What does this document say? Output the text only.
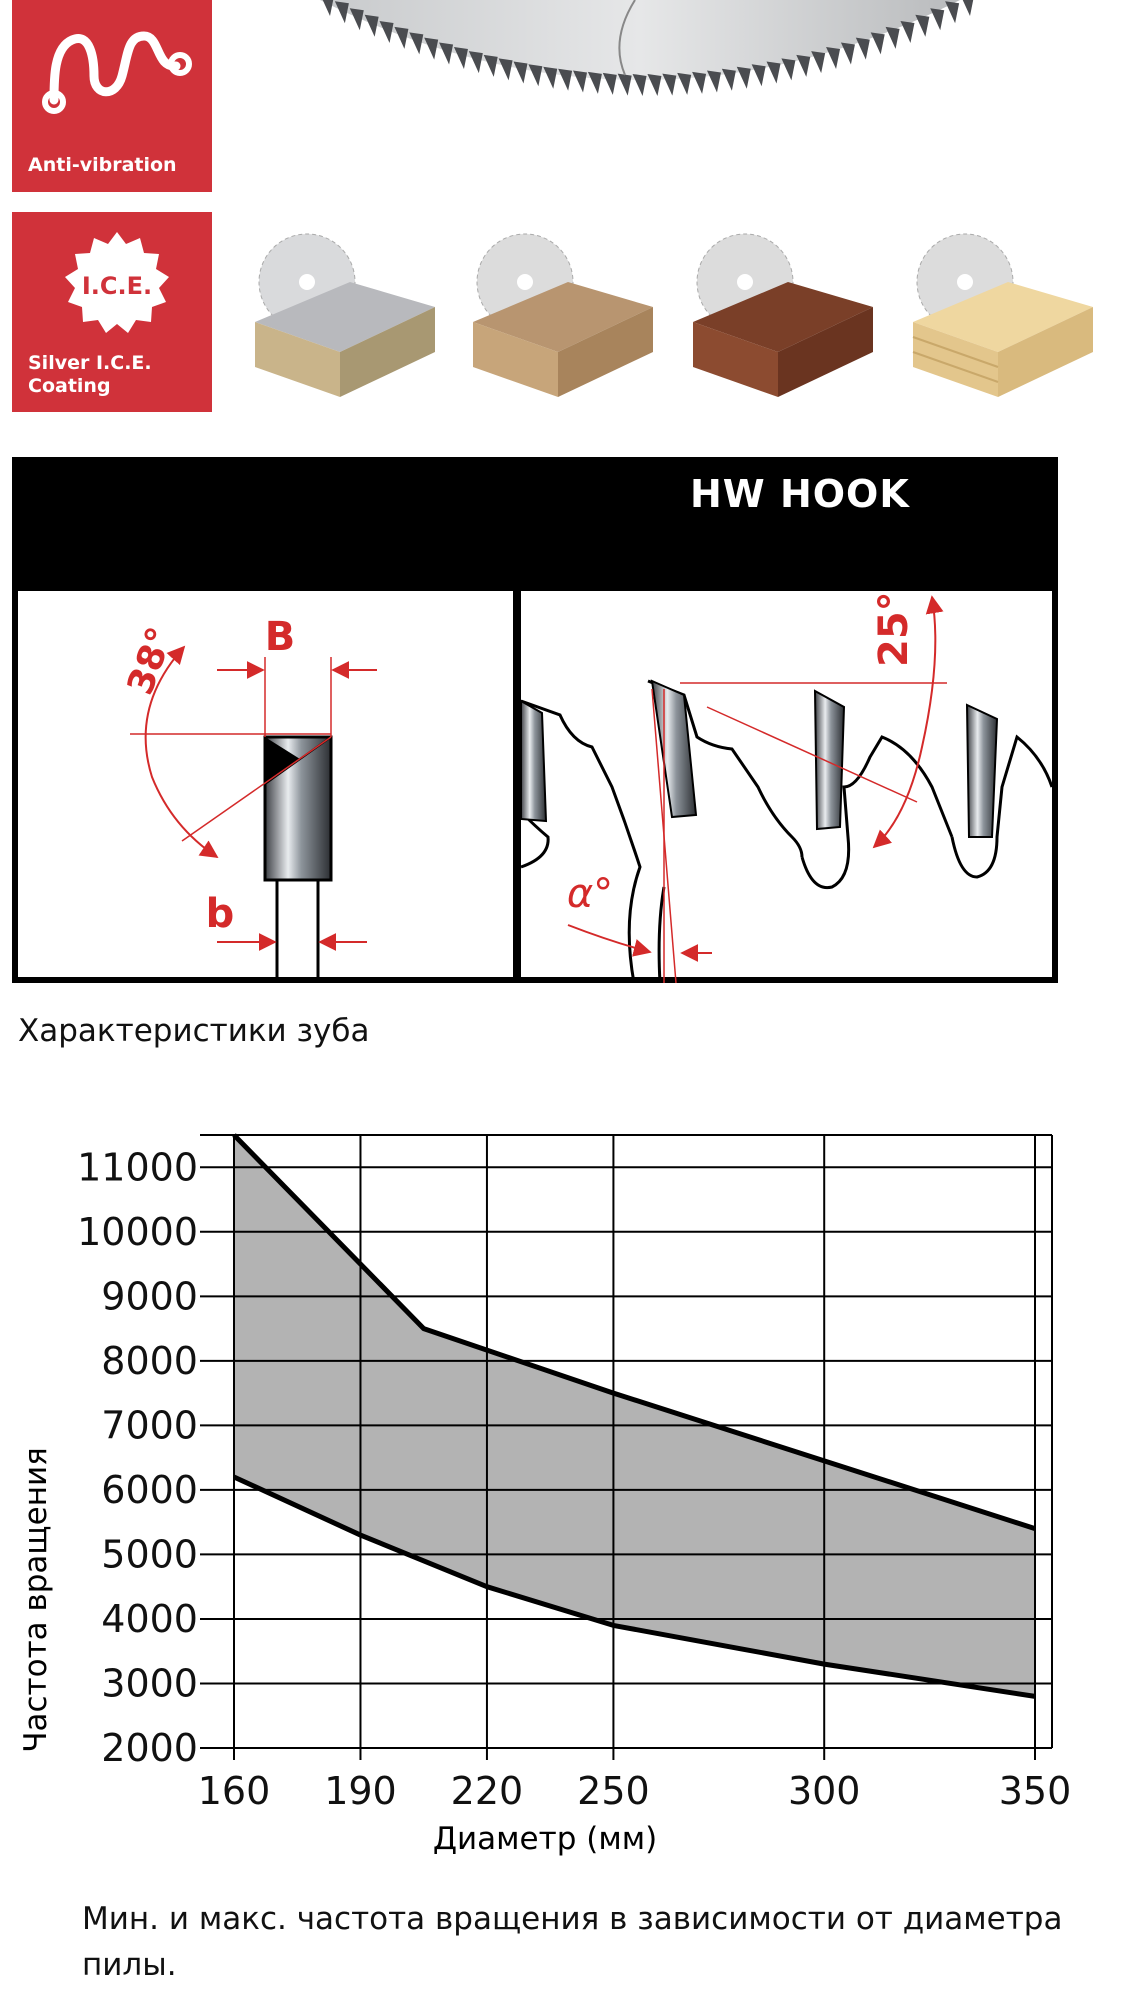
Anti-vibration
I.C.E.
Silver I.C.E.
Coating
HW HOOK
38° B
b
25°
α°
Характеристики зуба
2000
3000
4000
5000
6000
7000
8000
9000
10000
11000
160 190 220 250	300	350
Диаметр (мм)
Частота вращения
Мин. и макс. частота вращения в зависимости от диаметра пилы.
